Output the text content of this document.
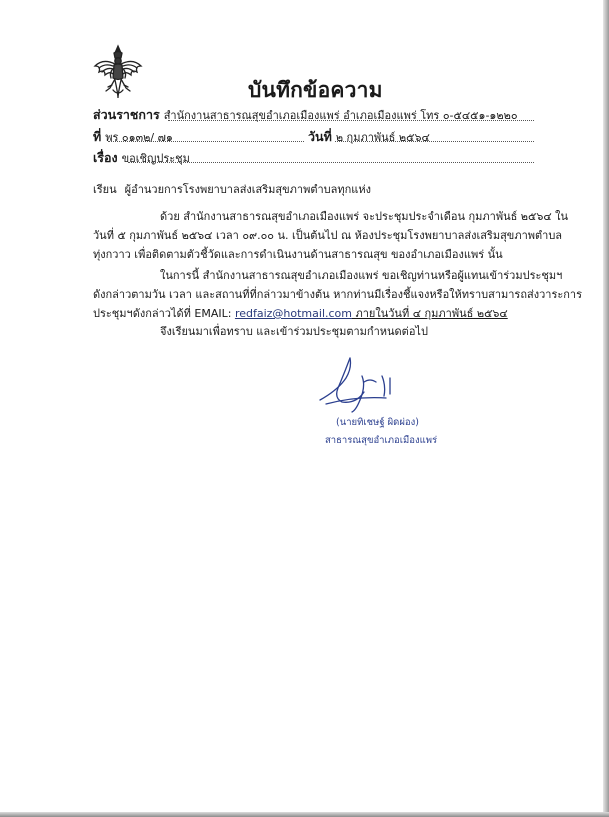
บันทึกข้อความ
ส่วนราชการ สำนักงานสาธารณสุขอำเภอเมืองแพร่ อำเภอเมืองแพร่ โทร ๐-๕๔๕๑-๑๒๒๐
ที่ พร ๐๑๓๒/ ๗๑	วันที่ ๒ กุมภาพันธ์ ๒๕๖๔
เรื่อง ขอเชิญประชุม
เรียน ผู้อำนวยการโรงพยาบาลส่งเสริมสุขภาพตำบลทุกแห่ง
ด้วย สำนักงานสาธารณสุขอำเภอเมืองแพร่ จะประชุมประจำเดือน กุมภาพันธ์ ๒๕๖๔ ใน
วันที่ ๕ กุมภาพันธ์ ๒๕๖๔ เวลา ๐๙.๐๐ น. เป็นต้นไป ณ ห้องประชุมโรงพยาบาลส่งเสริมสุขภาพตำบล
ทุ่งกวาว เพื่อติดตามตัวชี้วัดและการดำเนินงานด้านสาธารณสุข ของอำเภอเมืองแพร่ นั้น
ในการนี้ สำนักงานสาธารณสุขอำเภอเมืองแพร่ ขอเชิญท่านหรือผู้แทนเข้าร่วมประชุมฯ
ดังกล่าวตามวัน เวลา และสถานที่ที่กล่าวมาข้างต้น หากท่านมีเรื่องชี้แจงหรือให้ทราบสามารถส่งวาระการ
ประชุมฯดังกล่าวได้ที่ EMAIL: redfaiz@hotmail.com ภายในวันที่ ๔ กุมภาพันธ์ ๒๕๖๔
จึงเรียนมาเพื่อทราบ และเข้าร่วมประชุมตามกำหนดต่อไป
(นายทิเชษฐ์ ผิดผ่อง)
สาธารณสุขอำเภอเมืองแพร่
